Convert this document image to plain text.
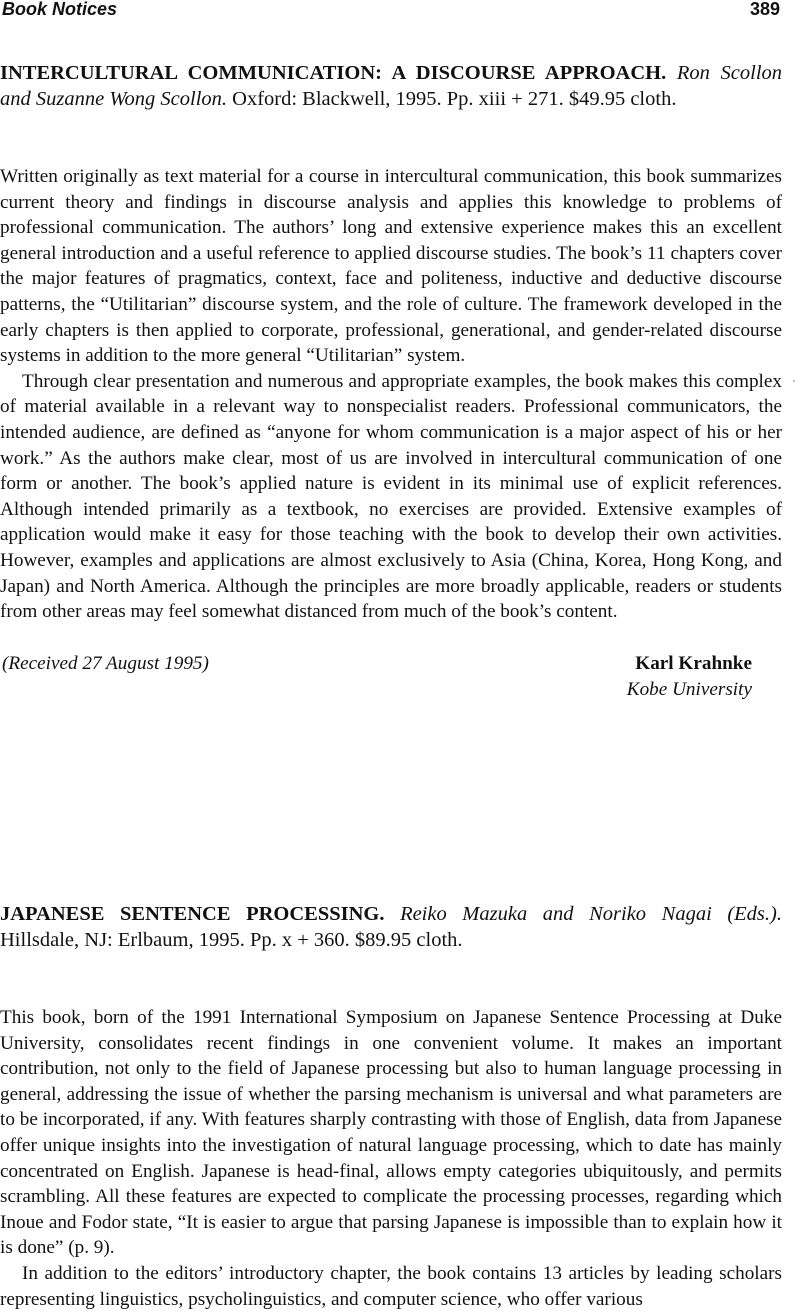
Book Notices	389

INTERCULTURAL COMMUNICATION: A DISCOURSE APPROACH. Ron Scollon and Suzanne Wong Scollon. Oxford: Blackwell, 1995. Pp. xiii + 271. $49.95 cloth.

Written originally as text material for a course in intercultural communication, this book summarizes current theory and findings in discourse analysis and applies this knowledge to problems of professional communication. The authors’ long and extensive experience makes this an excellent general introduction and a useful reference to applied discourse studies. The book’s 11 chapters cover the major features of pragmatics, context, face and politeness, inductive and deductive discourse patterns, the “Utilitarian” discourse system, and the role of culture. The framework developed in the early chapters is then applied to corporate, professional, generational, and gender-related discourse systems in addition to the more general “Utilitarian” system.

Through clear presentation and numerous and appropriate examples, the book makes this complex of material available in a relevant way to nonspecialist readers. Professional communicators, the intended audience, are defined as “anyone for whom communication is a major aspect of his or her work.” As the authors make clear, most of us are involved in intercultural communication of one form or another. The book’s applied nature is evident in its minimal use of explicit references. Although intended primarily as a textbook, no exercises are provided. Extensive examples of application would make it easy for those teaching with the book to develop their own activities. However, examples and applications are almost exclusively to Asia (China, Korea, Hong Kong, and Japan) and North America. Although the principles are more broadly applicable, readers or students from other areas may feel somewhat distanced from much of the book’s content.

(Received 27 August 1995)	Karl Krahnke
Kobe University

JAPANESE SENTENCE PROCESSING. Reiko Mazuka and Noriko Nagai (Eds.). Hillsdale, NJ: Erlbaum, 1995. Pp. x + 360. $89.95 cloth.

This book, born of the 1991 International Symposium on Japanese Sentence Processing at Duke University, consolidates recent findings in one convenient volume. It makes an important contribution, not only to the field of Japanese processing but also to human language processing in general, addressing the issue of whether the parsing mechanism is universal and what parameters are to be incorporated, if any. With features sharply contrasting with those of English, data from Japanese offer unique insights into the investigation of natural language processing, which to date has mainly concentrated on English. Japanese is head-final, allows empty categories ubiquitously, and permits scrambling. All these features are expected to complicate the processing processes, regarding which Inoue and Fodor state, “It is easier to argue that parsing Japanese is impossible than to explain how it is done” (p. 9).

In addition to the editors’ introductory chapter, the book contains 13 articles by leading scholars representing linguistics, psycholinguistics, and computer science, who offer various
